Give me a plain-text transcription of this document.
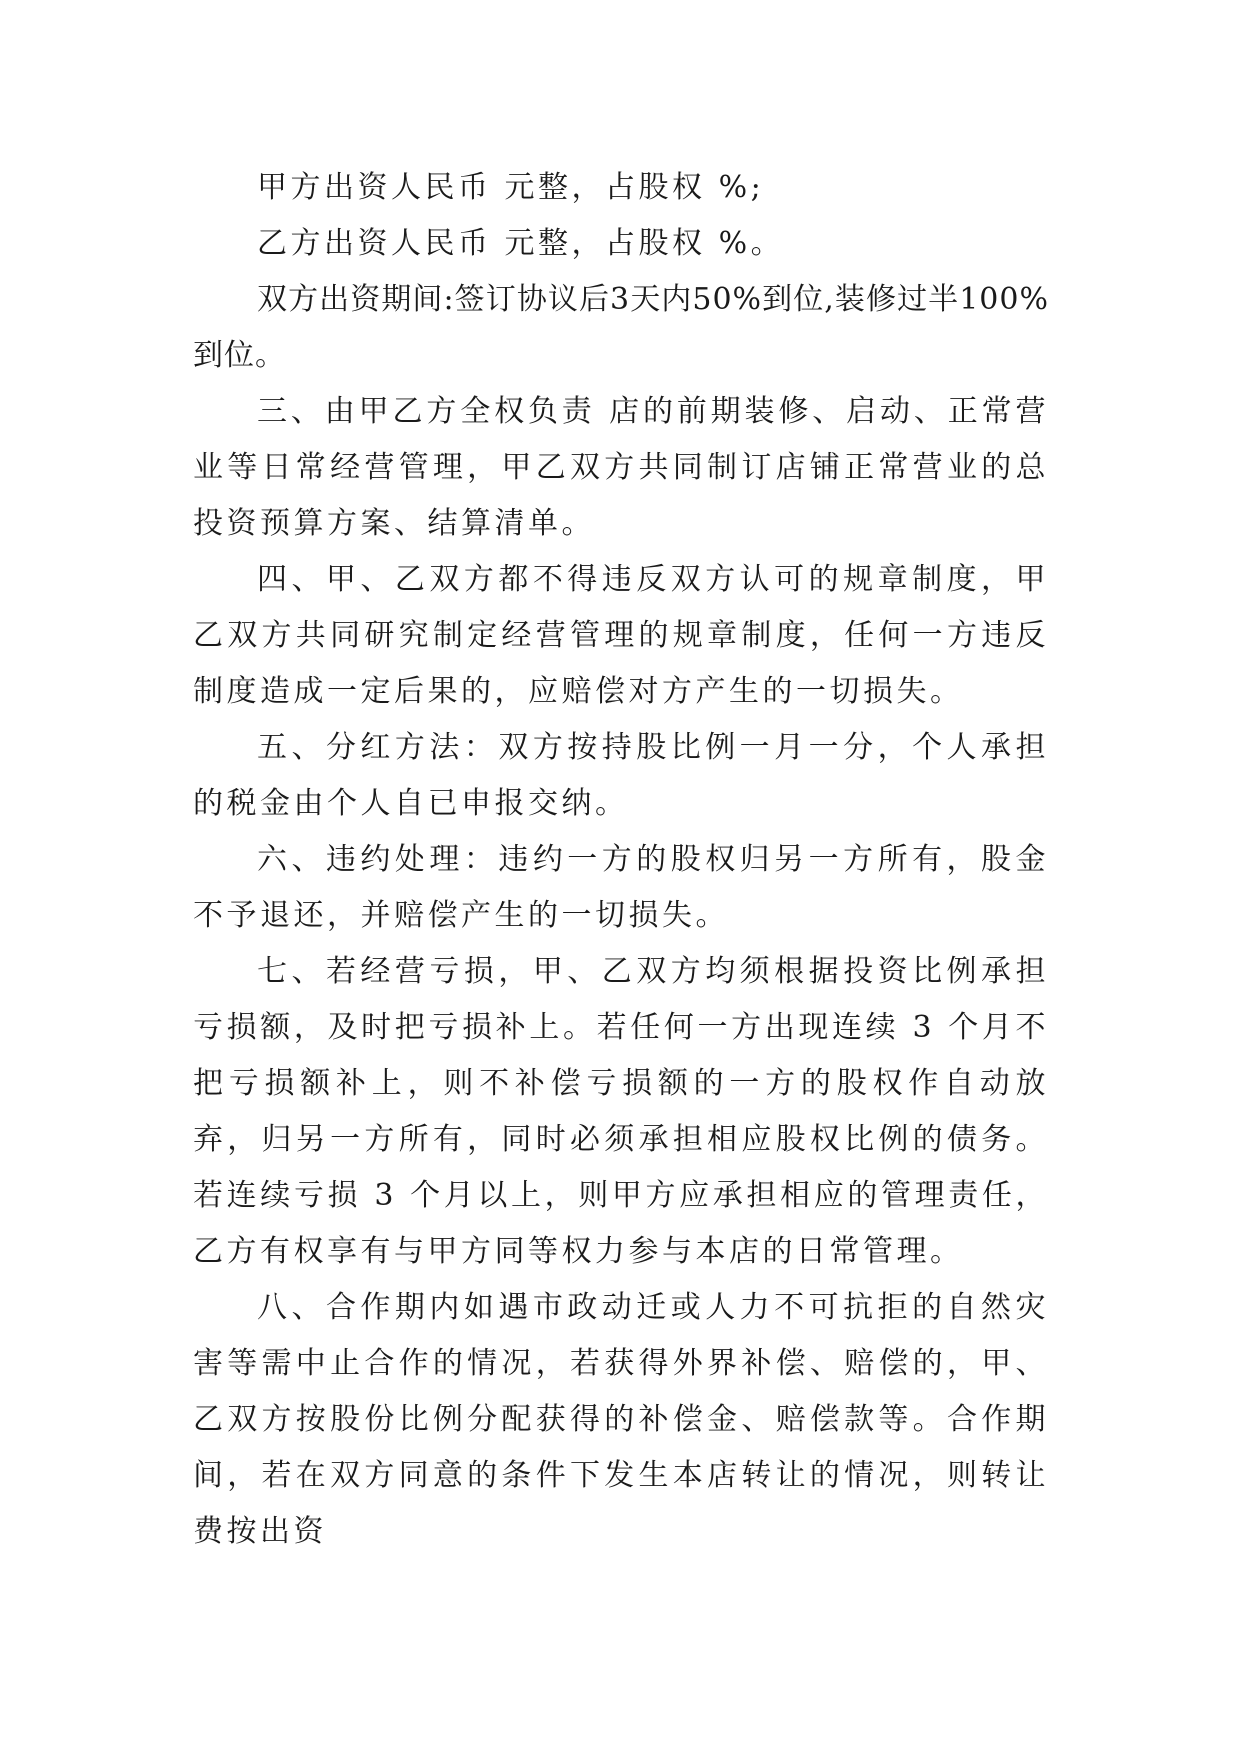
甲方出资人民币 元整，占股权 %;

乙方出资人民币 元整，占股权 %。

双方出资期间:签订协议后3天内50%到位,装修过半100%到位。

三、由甲乙方全权负责 店的前期装修、启动、正常营业等日常经营管理，甲乙双方共同制订店铺正常营业的总投资预算方案、结算清单。

四、甲、乙双方都不得违反双方认可的规章制度，甲乙双方共同研究制定经营管理的规章制度，任何一方违反制度造成一定后果的，应赔偿对方产生的一切损失。

五、分红方法：双方按持股比例一月一分，个人承担的税金由个人自已申报交纳。

六、违约处理：违约一方的股权归另一方所有，股金不予退还，并赔偿产生的一切损失。

七、若经营亏损，甲、乙双方均须根据投资比例承担亏损额，及时把亏损补上。若任何一方出现连续 3 个月不把亏损额补上，则不补偿亏损额的一方的股权作自动放弃，归另一方所有，同时必须承担相应股权比例的债务。若连续亏损 3 个月以上，则甲方应承担相应的管理责任，乙方有权享有与甲方同等权力参与本店的日常管理。

八、合作期内如遇市政动迁或人力不可抗拒的自然灾害等需中止合作的情况，若获得外界补偿、赔偿的，甲、乙双方按股份比例分配获得的补偿金、赔偿款等。合作期间，若在双方同意的条件下发生本店转让的情况，则转让费按出资
